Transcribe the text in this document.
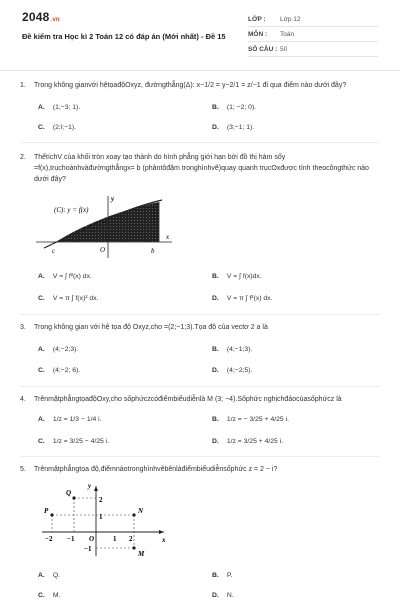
2048.vn
Đề kiểm tra Học kì 2 Toán 12 có đáp án (Mới nhất) - Đề 15
LỚP :	Lớp 12
MÔN :	Toán
SỐ CÂU : 50
1. Trong không gianvới hệtọađộOxyz, đườngthẳng(Δ): x−1/2 = y−2/1 = z/−1 đi qua điểm nào dưới đây?
A. (1;−3; 1).	B. (1; −2; 0).
C. (2;l;−1).	D. (3;−1; 1).
2. ThểtíchV của khối tròn xoay tạo thành do hình phẳng giới hạn bởi đồ thị hàm sốy =f(x),trụchoànhvàđườngthẳngx= b (phântôđậm tronghìnhvẽ)quay quanh trụcOxđược tính theocôngthức nào dưới đây?
(C): y = f(x)
y
x
c	O	b
A. V = ∫ f²(x) dx.	B. V = ∫ f(x)dx.
C. V = π ∫ f(x)² dx.	D. V = π ∫ f²(x) dx.
3. Trong không gian với hệ tọa độ Oxyz,cho =(2;−1;3).Tọa độ của vectơ 2 a là
A. (4;−2;3).	B. (4;−1;3).
C. (4;−2; 6).	D. (4;−2;5).
4. TrênmặtphẳngtọađộOxy,cho sốphứczcóđiểmbiểudiễnlà M (3; −4).Sốphức nghịchđảocủasốphứcz là
A. 1/z = 1/3 − 1/4 i.	B. 1/z = − 3/25 + 4/25 i.
C. 1/z = 3/25 − 4/25 i.	D. 1/z = 3/25 + 4/25 i.
5. Trênmặtphẳngtọa độ,điểmnàotronghìnhvẽbênlàđiểmbiểudiễnsốphức z = 2 − i?
y
x
Q
P	N
M
2
1
−1
−2	O	1 2
−1
A. Q.	B. P.
C. M.	D. N.
